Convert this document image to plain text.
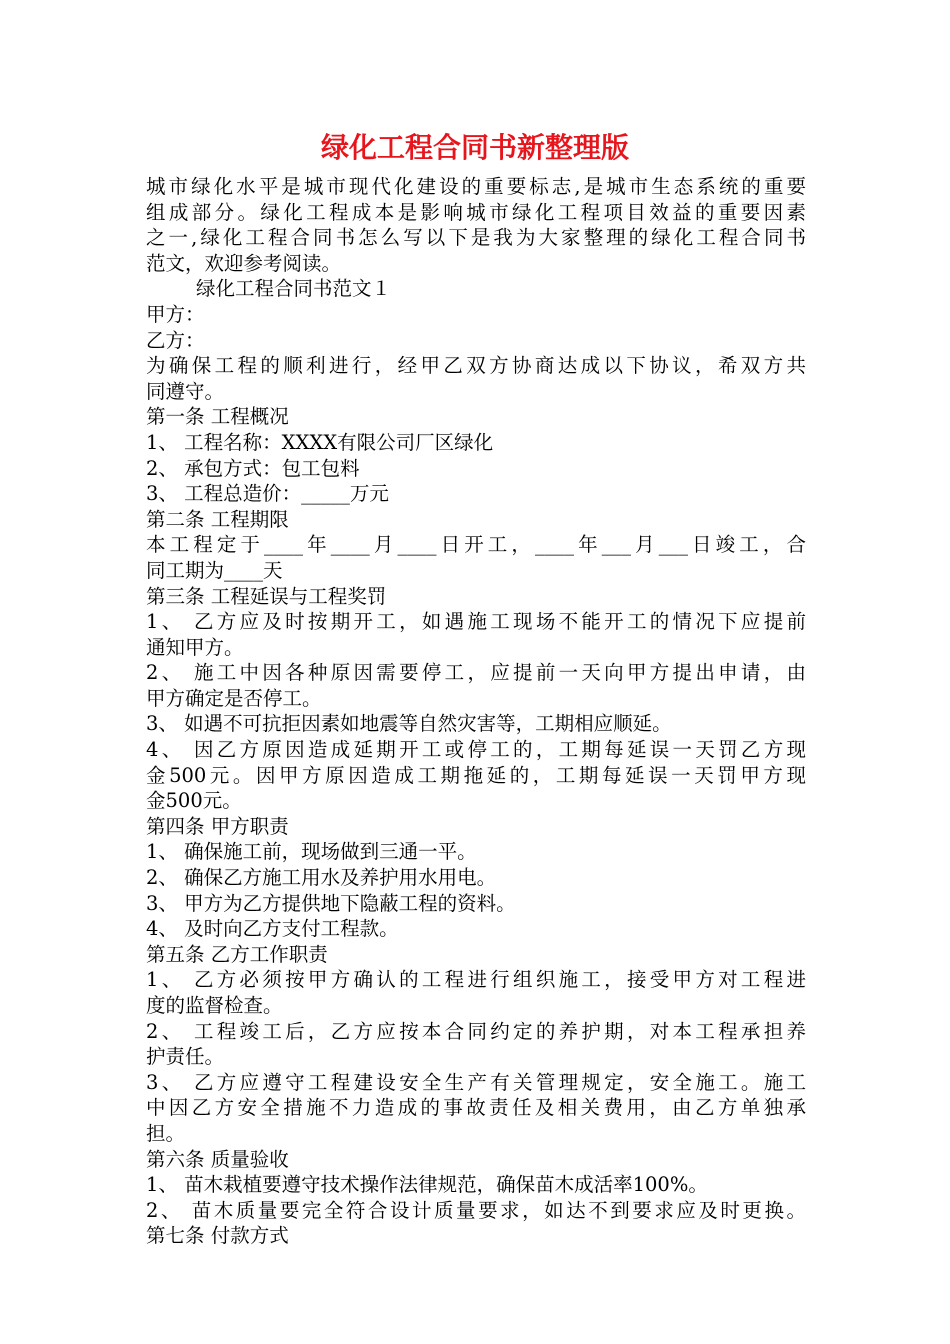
绿化工程合同书新整理版
城市绿化水平是城市现代化建设的重要标志,是城市生态系统的重要
组成部分。绿化工程成本是影响城市绿化工程项目效益的重要因素
之一,绿化工程合同书怎么写以下是我为大家整理的绿化工程合同书
范文，欢迎参考阅读。
绿化工程合同书范文１
甲方：
乙方：
为确保工程的顺利进行，经甲乙双方协商达成以下协议，希双方共
同遵守。
第一条 工程概况
1、 工程名称：XXXX有限公司厂区绿化
2、 承包方式：包工包料
3、 工程总造价：_____万元
第二条 工程期限
本工程定于____年____月____日开工，____年___月___日竣工，合
同工期为____天
第三条 工程延误与工程奖罚
1、 乙方应及时按期开工，如遇施工现场不能开工的情况下应提前
通知甲方。
2、 施工中因各种原因需要停工，应提前一天向甲方提出申请，由
甲方确定是否停工。
3、 如遇不可抗拒因素如地震等自然灾害等，工期相应顺延。
4、 因乙方原因造成延期开工或停工的，工期每延误一天罚乙方现
金500元。因甲方原因造成工期拖延的，工期每延误一天罚甲方现
金500元。
第四条 甲方职责
1、 确保施工前，现场做到三通一平。
2、 确保乙方施工用水及养护用水用电。
3、 甲方为乙方提供地下隐蔽工程的资料。
4、 及时向乙方支付工程款。
第五条 乙方工作职责
1、 乙方必须按甲方确认的工程进行组织施工，接受甲方对工程进
度的监督检查。
2、 工程竣工后，乙方应按本合同约定的养护期，对本工程承担养
护责任。
3、 乙方应遵守工程建设安全生产有关管理规定，安全施工。施工
中因乙方安全措施不力造成的事故责任及相关费用，由乙方单独承
担。
第六条 质量验收
1、 苗木栽植要遵守技术操作法律规范，确保苗木成活率100%。
2、 苗木质量要完全符合设计质量要求，如达不到要求应及时更换。
第七条 付款方式
